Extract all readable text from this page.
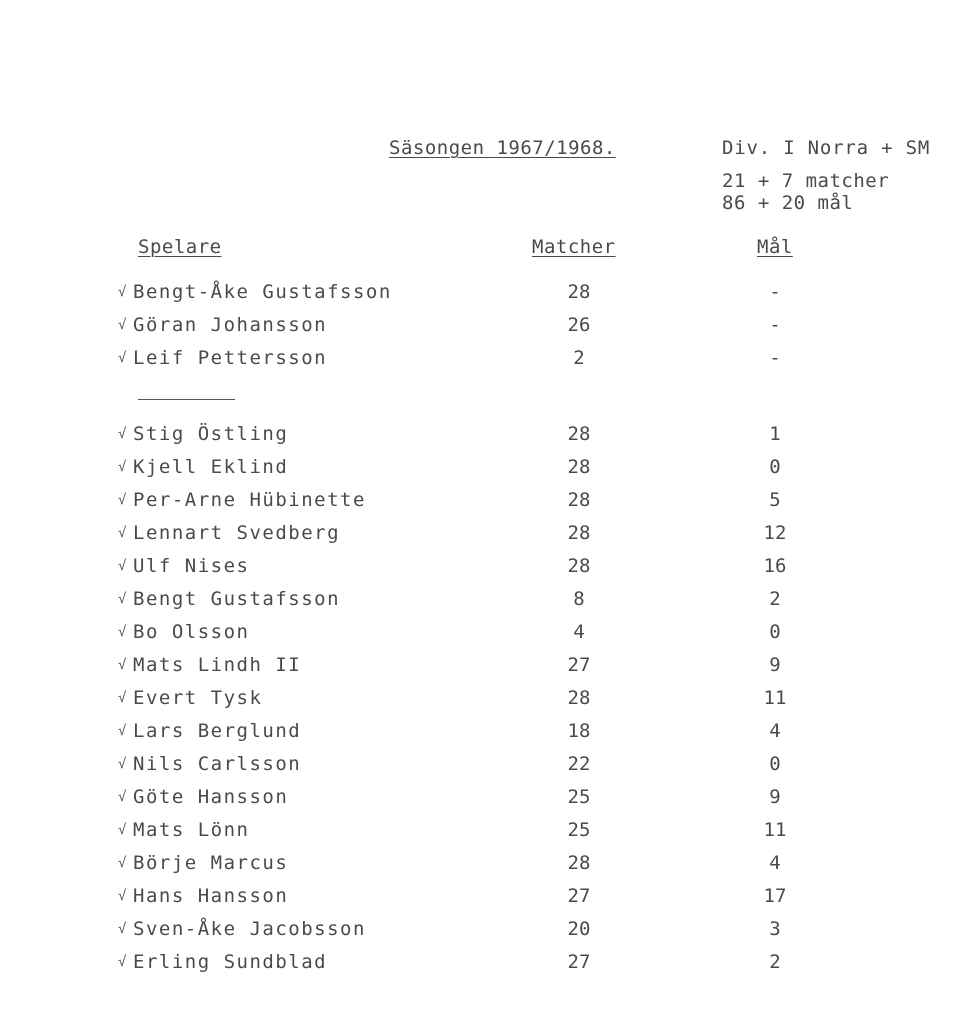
Säsongen 1967/1968.	Div. I Norra + SM
21 + 7 matcher
86 + 20 mål
Spelare	Matcher	Mål
√ Bengt-Åke Gustafsson	28	-
√ Göran Johansson	26	-
√ Leif Pettersson	2	-
√ Stig Östling	28	1
√ Kjell Eklind	28	0
√ Per-Arne Hübinette	28	5
√ Lennart Svedberg	28	12
√ Ulf Nises	28	16
√ Bengt Gustafsson	8	2
√ Bo Olsson	4	0
√ Mats Lindh II	27	9
√ Evert Tysk	28	11
√ Lars Berglund	18	4
√ Nils Carlsson	22	0
√ Göte Hansson	25	9
√ Mats Lönn	25	11
√ Börje Marcus	28	4
√ Hans Hansson	27	17
√ Sven-Åke Jacobsson	20	3
√ Erling Sundblad	27	2
